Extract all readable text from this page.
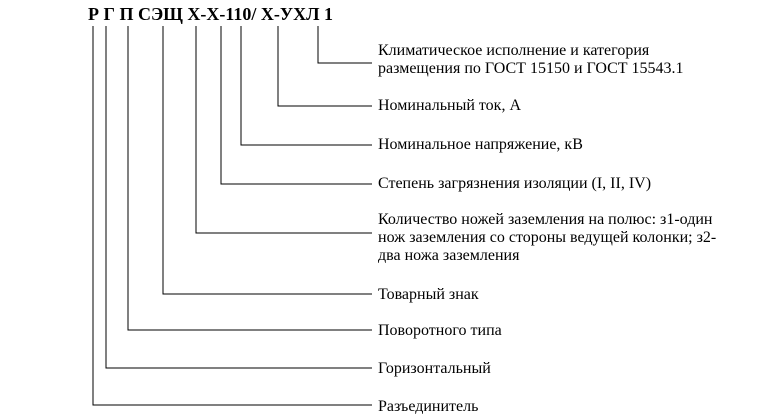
Р Г П СЭЩ Х-Х-110/ Х-УХЛ 1
Климатическое исполнение и категория
размещения по ГОСТ 15150 и ГОСТ 15543.1
Номинальный ток, А
Номинальное напряжение, кВ
Степень загрязнения изоляции (I, II, IV)
Количество ножей заземления на полюс: з1-один
нож заземления со стороны ведущей колонки; з2-
два ножа заземления
Товарный знак
Поворотного типа
Горизонтальный
Разъединитель
